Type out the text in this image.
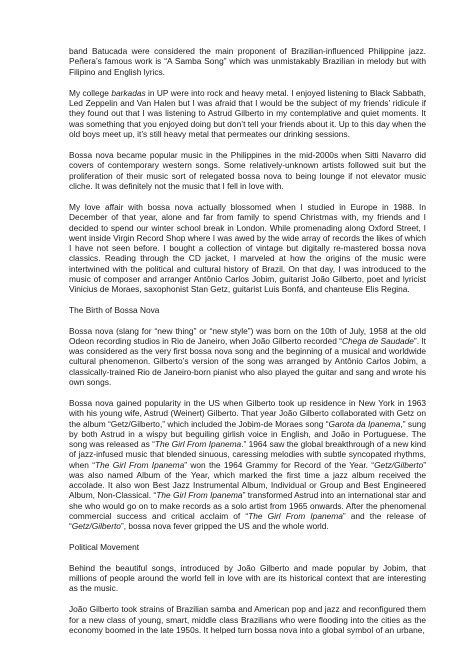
band Batucada were considered the main proponent of Brazilian-influenced Philippine jazz. Peñera’s famous work is “A Samba Song” which was unmistakably Brazilian in melody but with Filipino and English lyrics.

My college barkadas in UP were into rock and heavy metal. I enjoyed listening to Black Sabbath, Led Zeppelin and Van Halen but I was afraid that I would be the subject of my friends’ ridicule if they found out that I was listening to Astrud Gilberto in my contemplative and quiet moments. It was something that you enjoyed doing but don’t tell your friends about it. Up to this day when the old boys meet up, it’s still heavy metal that permeates our drinking sessions.

Bossa nova became popular music in the Philippines in the mid-2000s when Sitti Navarro did covers of contemporary western songs. Some relatively-unknown artists followed suit but the proliferation of their music sort of relegated bossa nova to being lounge if not elevator music cliche. It was definitely not the music that I fell in love with.

My love affair with bossa nova actually blossomed when I studied in Europe in 1988. In December of that year, alone and far from family to spend Christmas with, my friends and I decided to spend our winter school break in London. While promenading along Oxford Street, I went inside Virgin Record Shop where I was awed by the wide array of records the likes of which I have not seen before. I bought a collection of vintage but digitally re-mastered bossa nova classics. Reading through the CD jacket, I marveled at how the origins of the music were intertwined with the political and cultural history of Brazil. On that day, I was introduced to the music of composer and arranger Antônio Carlos Jobim, guitarist João Gilberto, poet and lyricist Vinicius de Moraes, saxophonist Stan Getz, guitarist Luis Bonfá, and chanteuse Elis Regina.

The Birth of Bossa Nova

Bossa nova (slang for “new thing” or “new style”) was born on the 10th of July, 1958 at the old Odeon recording studios in Rio de Janeiro, when João Gilberto recorded “Chega de Saudade”. It was considered as the very first bossa nova song and the beginning of a musical and worldwide cultural phenomenon. Gilberto’s version of the song was arranged by Antônio Carlos Jobim, a classically-trained Rio de Janeiro-born pianist who also played the guitar and sang and wrote his own songs.

Bossa nova gained popularity in the US when Gilberto took up residence in New York in 1963 with his young wife, Astrud (Weinert) Gilberto. That year João Gilberto collaborated with Getz on the album “Getz/Gilberto,” which included the Jobim-de Moraes song “Garota da Ipanema,” sung by both Astrud in a wispy but beguiling girlish voice in English, and João in Portuguese. The song was released as “The Girl From Ipanema.” 1964 saw the global breakthrough of a new kind of jazz-infused music that blended sinuous, caressing melodies with subtle syncopated rhythms, when “The Girl From Ipanema” won the 1964 Grammy for Record of the Year. “Getz/Gilberto” was also named Album of the Year, which marked the first time a jazz album received the accolade. It also won Best Jazz Instrumental Album, Individual or Group and Best Engineered Album, Non-Classical. “The Girl From Ipanema” transformed Astrud into an international star and she who would go on to make records as a solo artist from 1965 onwards. After the phenomenal commercial success and critical acclaim of “The Girl From Ipanema” and the release of “Getz/Gilberto”, bossa nova fever gripped the US and the whole world.

Political Movement

Behind the beautiful songs, introduced by João Gilberto and made popular by Jobim, that millions of people around the world fell in love with are its historical context that are interesting as the music.

João Gilberto took strains of Brazilian samba and American pop and jazz and reconfigured them for a new class of young, smart, middle class Brazilians who were flooding into the cities as the economy boomed in the late 1950s. It helped turn bossa nova into a global symbol of an urbane,
